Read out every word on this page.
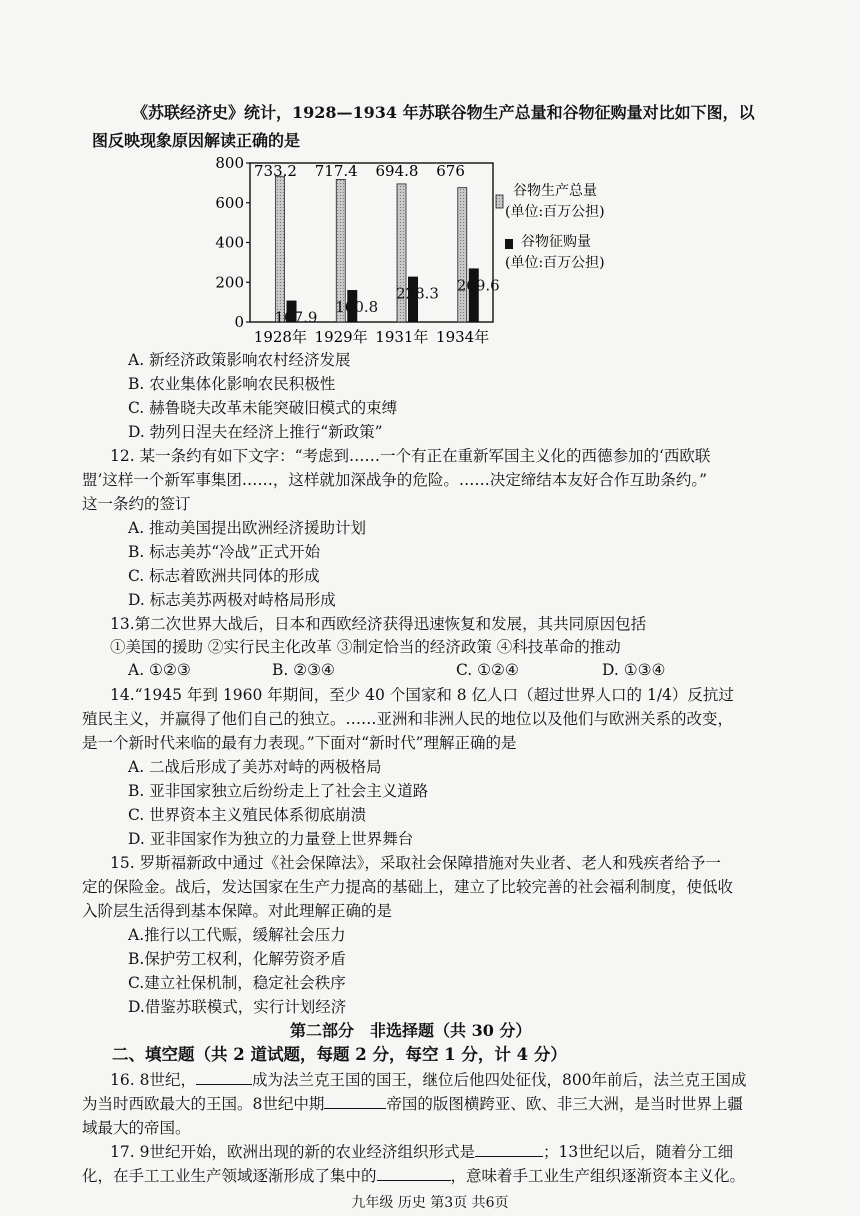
《苏联经济史》统计，1928—1934 年苏联谷物生产总量和谷物征购量对比如下图，以
图反映现象原因解读正确的是
0
200
400
600
800 733.2
107.9
1928年
717.4
160.8
1929年
694.8
228.3
1931年
676
269.6
1934年
谷物生产总量
(单位:百万公担)
谷物征购量
(单位:百万公担)
A. 新经济政策影响农村经济发展
B. 农业集体化影响农民积极性
C. 赫鲁晓夫改革未能突破旧模式的束缚
D. 勃列日涅夫在经济上推行“新政策”
12. 某一条约有如下文字：“考虑到……一个有正在重新军国主义化的西德参加的‘西欧联
盟’这样一个新军事集团……，这样就加深战争的危险。……决定缔结本友好合作互助条约。”
这一条约的签订
A. 推动美国提出欧洲经济援助计划
B. 标志美苏“冷战”正式开始
C. 标志着欧洲共同体的形成
D. 标志美苏两极对峙格局形成
13.第二次世界大战后，日本和西欧经济获得迅速恢复和发展，其共同原因包括
①美国的援助 ②实行民主化改革 ③制定恰当的经济政策 ④科技革命的推动
A. ①②③	B. ②③④	C. ①②④	D. ①③④
14.“1945 年到 1960 年期间，至少 40 个国家和 8 亿人口（超过世界人口的 1/4）反抗过
殖民主义，并赢得了他们自己的独立。……亚洲和非洲人民的地位以及他们与欧洲关系的改变，
是一个新时代来临的最有力表现。”下面对“新时代”理解正确的是
A. 二战后形成了美苏对峙的两极格局
B. 亚非国家独立后纷纷走上了社会主义道路
C. 世界资本主义殖民体系彻底崩溃
D. 亚非国家作为独立的力量登上世界舞台
15. 罗斯福新政中通过《社会保障法》，采取社会保障措施对失业者、老人和残疾者给予一
定的保险金。战后，发达国家在生产力提高的基础上，建立了比较完善的社会福利制度，使低收
入阶层生活得到基本保障。对此理解正确的是
A.推行以工代赈，缓解社会压力
B.保护劳工权利，化解劳资矛盾
C.建立社保机制，稳定社会秩序
D.借鉴苏联模式，实行计划经济
第二部分　非选择题（共 30 分）
二、填空题（共 2 道试题，每题 2 分，每空 1 分，计 4 分）
16. 8世纪，	成为法兰克王国的国王，继位后他四处征伐，800年前后，法兰克王国成
为当时西欧最大的王国。8世纪中期	帝国的版图横跨亚、欧、非三大洲，是当时世界上疆
域最大的帝国。
17. 9世纪开始，欧洲出现的新的农业经济组织形式是	；13世纪以后，随着分工细
化，在手工工业生产领域逐渐形成了集中的	，意味着手工业生产组织逐渐资本主义化。
九年级 历史 第3页 共6页
